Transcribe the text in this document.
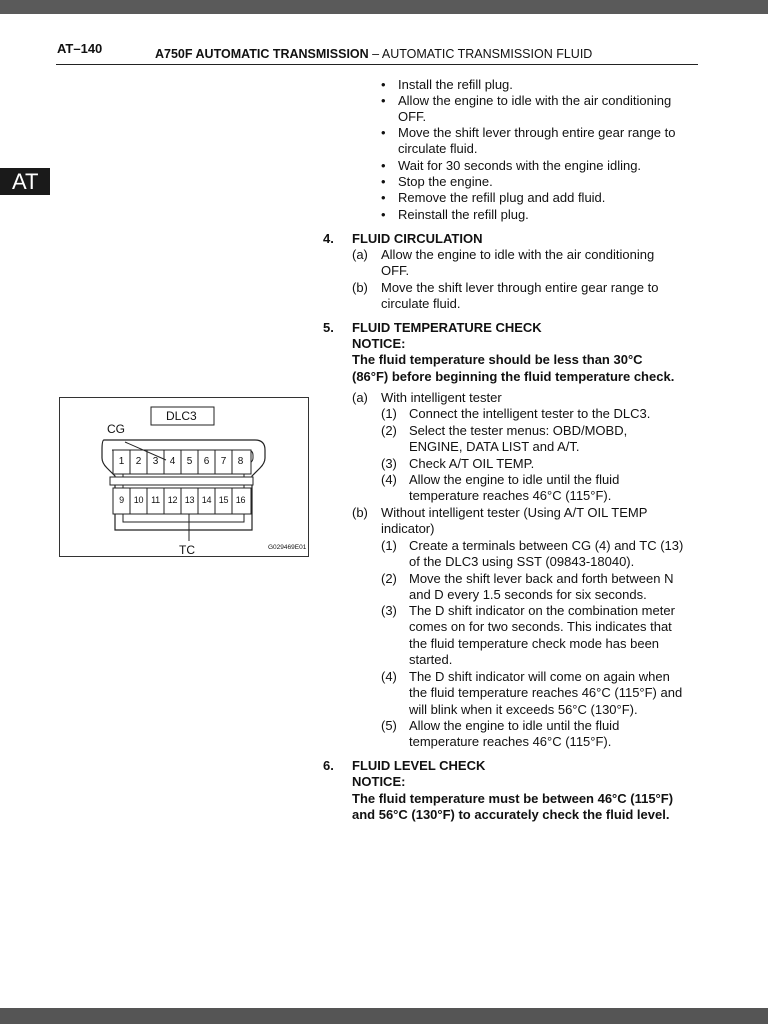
AT–140	A750F AUTOMATIC TRANSMISSION – AUTOMATIC TRANSMISSION FLUID
AT
• Install the refill plug.
• Allow the engine to idle with the air conditioning
OFF.
• Move the shift lever through entire gear range to
circulate fluid.
• Wait for 30 seconds with the engine idling.
• Stop the engine.
• Remove the refill plug and add fluid.
• Reinstall the refill plug.
4. FLUID CIRCULATION
(a) Allow the engine to idle with the air conditioning
OFF.
(b) Move the shift lever through entire gear range to
circulate fluid.
5. FLUID TEMPERATURE CHECK
NOTICE:
The fluid temperature should be less than 30°C
(86°F) before beginning the fluid temperature check.
(a) With intelligent tester
(1) Connect the intelligent tester to the DLC3.
(2) Select the tester menus: OBD/MOBD,
ENGINE, DATA LIST and A/T.
(3) Check A/T OIL TEMP.
(4) Allow the engine to idle until the fluid
temperature reaches 46°C (115°F).
(b) Without intelligent tester (Using A/T OIL TEMP
indicator)
(1) Create a terminals between CG (4) and TC (13)
of the DLC3 using SST (09843-18040).
(2) Move the shift lever back and forth between N
and D every 1.5 seconds for six seconds.
(3) The D shift indicator on the combination meter
comes on for two seconds. This indicates that
the fluid temperature check mode has been
started.
(4) The D shift indicator will come on again when
the fluid temperature reaches 46°C (115°F) and
will blink when it exceeds 56°C (130°F).
(5) Allow the engine to idle until the fluid
temperature reaches 46°C (115°F).
6. FLUID LEVEL CHECK
NOTICE:
The fluid temperature must be between 46°C (115°F)
and 56°C (130°F) to accurately check the fluid level.
DLC3
CG
TC	G029469E01
1	2	3	4	5	6	7	8
9	10 11 12 13 14 15 16
